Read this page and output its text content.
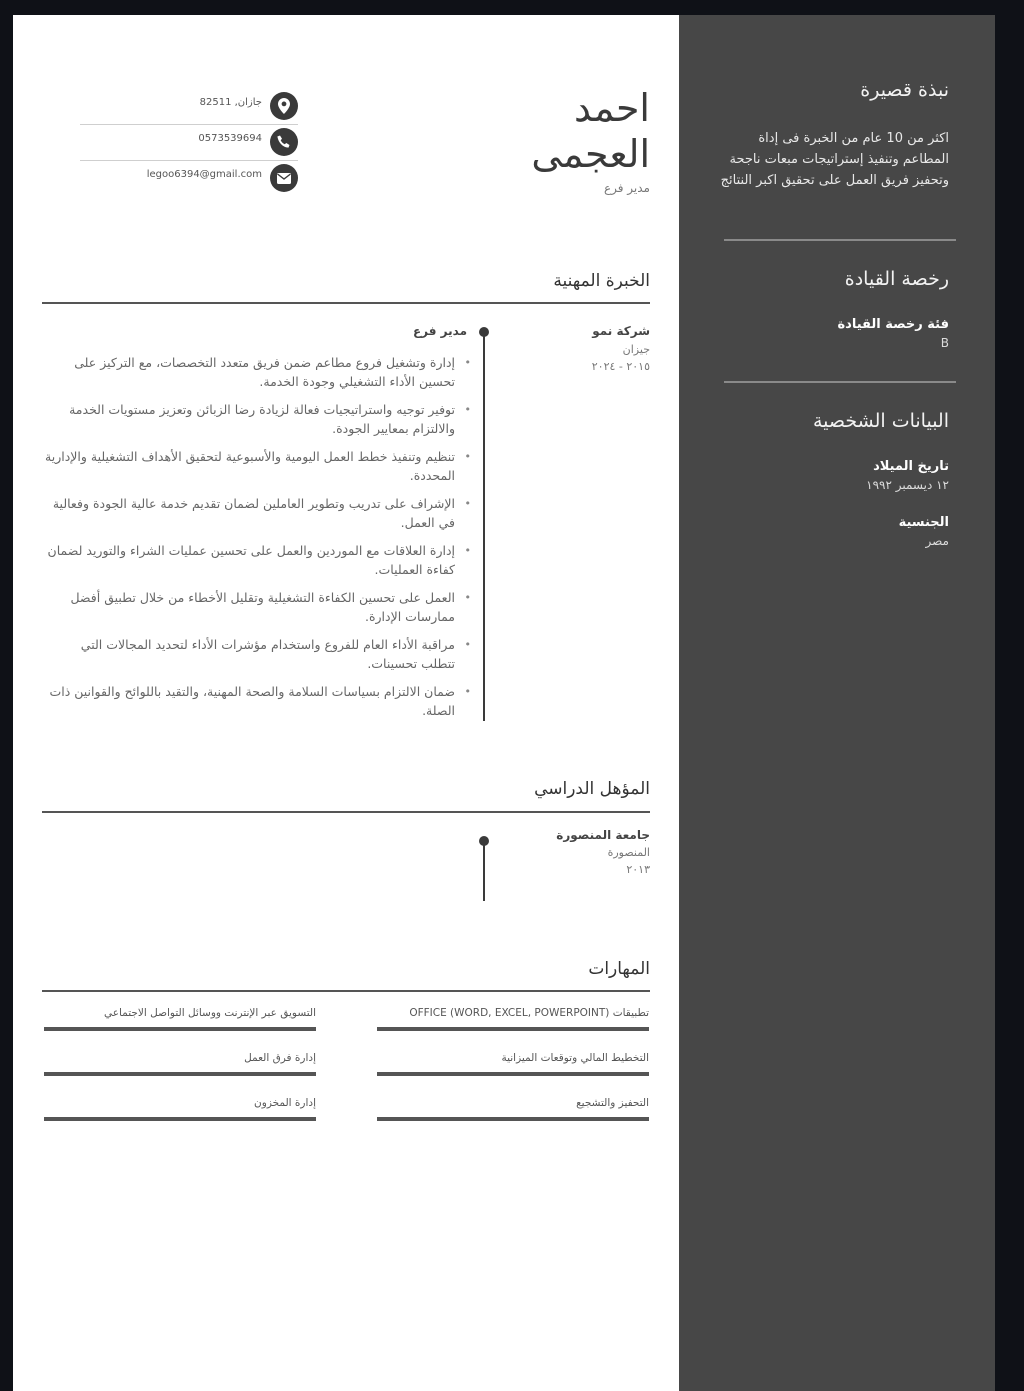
احمد العجمى
مدير فرع
جازان, 82511
0573539694
legoo6394@gmail.com
الخبرة المهنية
شركة نمو
جيزان
٢٠١٥ - ٢٠٢٤
مدير فرع
• إدارة وتشغيل فروع مطاعم ضمن فريق متعدد التخصصات، مع التركيز على تحسين الأداء التشغيلي وجودة الخدمة.
• توفير توجيه واستراتيجيات فعالة لزيادة رضا الزبائن وتعزيز مستويات الخدمة والالتزام بمعايير الجودة.
• تنظيم وتنفيذ خطط العمل اليومية والأسبوعية لتحقيق الأهداف التشغيلية والإدارية المحددة.
• الإشراف على تدريب وتطوير العاملين لضمان تقديم خدمة عالية الجودة وفعالية في العمل.
• إدارة العلاقات مع الموردين والعمل على تحسين عمليات الشراء والتوريد لضمان كفاءة العمليات.
• العمل على تحسين الكفاءة التشغيلية وتقليل الأخطاء من خلال تطبيق أفضل ممارسات الإدارة.
• مراقبة الأداء العام للفروع واستخدام مؤشرات الأداء لتحديد المجالات التي تتطلب تحسينات.
• ضمان الالتزام بسياسات السلامة والصحة المهنية، والتقيد باللوائح والقوانين ذات الصلة.
المؤهل الدراسي
جامعة المنصورة
المنصورة
٢٠١٣
المهارات
تطبيقات OFFICE (WORD, EXCEL, POWERPOINT)
التسويق عبر الإنترنت ووسائل التواصل الاجتماعي
التخطيط المالي وتوقعات الميزانية
إدارة فرق العمل
التحفيز والتشجيع
إدارة المخزون
نبذة قصيرة
اكثر من 10 عام من الخبرة فى إداة المطاعم وتنفيذ إستراتيجات مبعات ناجحة وتحفيز فريق العمل على تحقيق اكبر النتائج
رخصة القيادة
فئة رخصة القيادة
B
البيانات الشخصية
تاريخ الميلاد
١٢ ديسمبر ١٩٩٢
الجنسية
مصر
